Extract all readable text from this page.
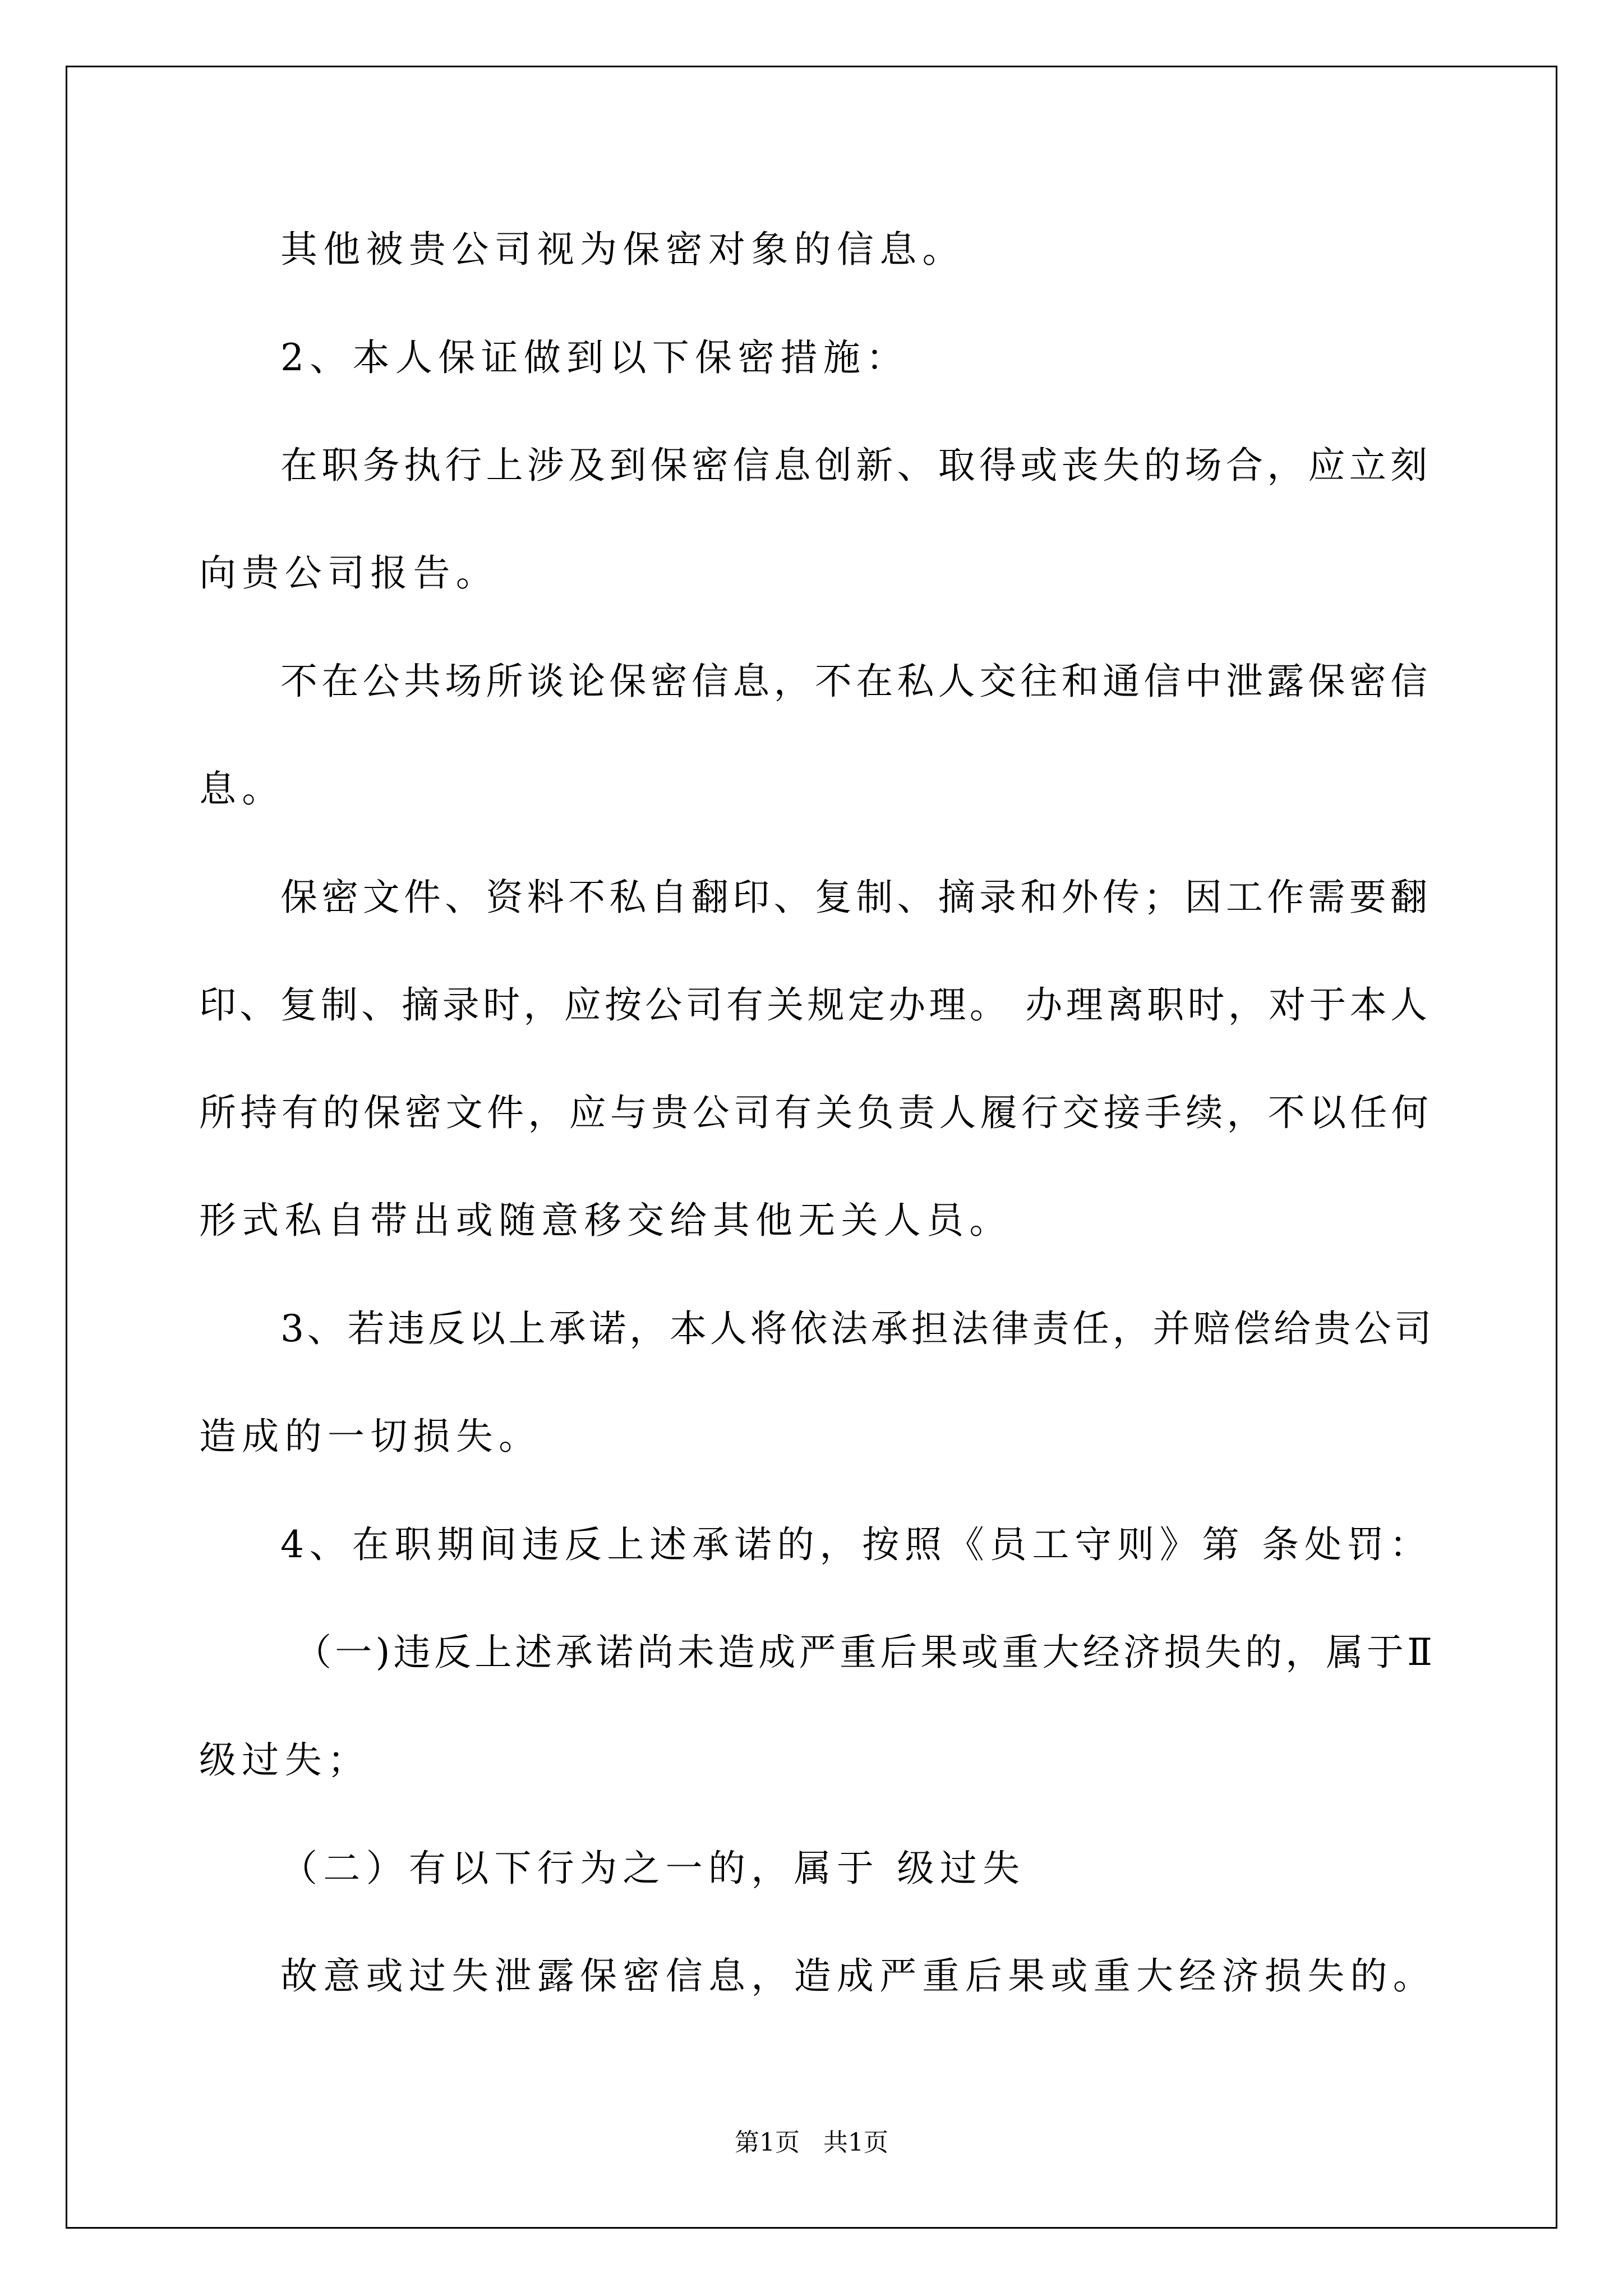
其他被贵公司视为保密对象的信息。

2、本人保证做到以下保密措施：

在职务执行上涉及到保密信息创新、取得或丧失的场合，应立刻

向贵公司报告。

不在公共场所谈论保密信息，不在私人交往和通信中泄露保密信

息。

保密文件、资料不私自翻印、复制、摘录和外传；因工作需要翻

印、复制、摘录时，应按公司有关规定办理。 办理离职时，对于本人

所持有的保密文件，应与贵公司有关负责人履行交接手续，不以任何

形式私自带出或随意移交给其他无关人员。

3、若违反以上承诺，本人将依法承担法律责任，并赔偿给贵公司

造成的一切损失。

4、在职期间违反上述承诺的，按照《员工守则》第 条处罚：

（一)违反上述承诺尚未造成严重后果或重大经济损失的，属于Ⅱ

级过失；

（二）有以下行为之一的，属于 级过失

故意或过失泄露保密信息，造成严重后果或重大经济损失的。

第1页   共1页
